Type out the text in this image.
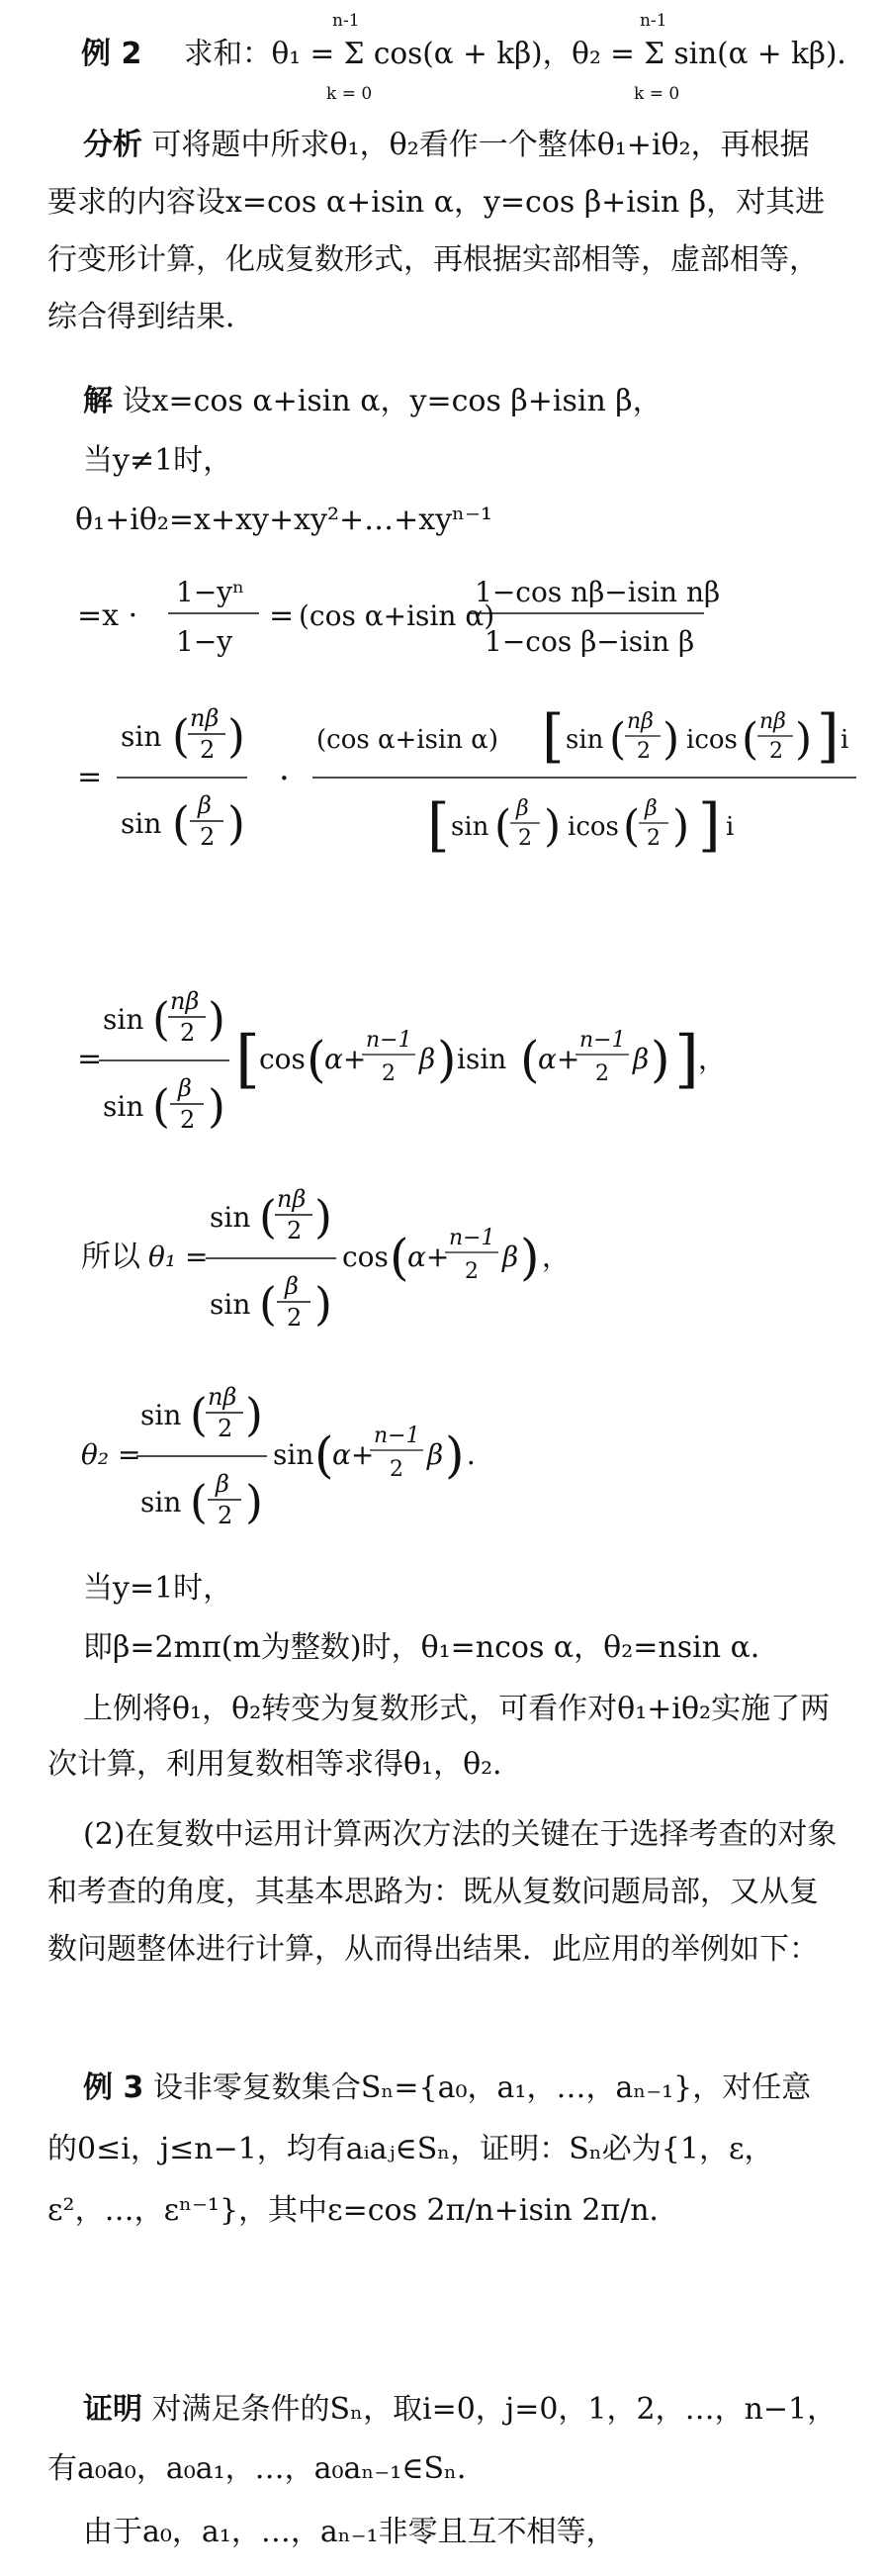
例 2 求和：θ₁ = Σ cos(α + kβ)，θ₂ = Σ sin(α + kβ)．
n-1
k = 0
n-1
k = 0
分析 可将题中所求θ₁，θ₂看作一个整体θ₁+iθ₂，再根据要求的内容设x=cos α+isin α，y=cos β+isin β，对其进行变形计算，化成复数形式，再根据实部相等，虚部相等，综合得到结果．
解 设x=cos α+isin α，y=cos β+isin β，
当y≠1时，
θ₁+iθ₂=x+xy+xy²+…+xyⁿ⁻¹
=x ·
1−yⁿ
1−y
= (cos α+isin α)
1−cos nβ−isin nβ
1−cos β−isin β
=
sin ( nβ
2 )
sin ( β
2 )
·
(cos α+isin α) [ sin ( nβ
2 ) icos ( nβ
2 ) ] i
[ sin ( β
2 ) icos ( β
2 ) ] i
=
sin ( nβ
2 )
sin ( β
2 )
[ cos (
α+
n−1
2 β ) isin (
α+
n−1
2 β ) ] ，
所以 θ₁ =
sin ( nβ
2 )
sin ( β
2 )
cos (
α+
n−1
2 β ) ，
θ₂ =
sin ( nβ
2 )
sin ( β
2 )
sin (
α+
n−1
2 β ) ．
当y=1时，
即β=2mπ(m为整数)时，θ₁=ncos α，θ₂=nsin α．
上例将θ₁，θ₂转变为复数形式，可看作对θ₁+iθ₂实施了两次计算，利用复数相等求得θ₁，θ₂．
(2)在复数中运用计算两次方法的关键在于选择考查的对象和考查的角度，其基本思路为：既从复数问题局部，又从复数问题整体进行计算，从而得出结果．此应用的举例如下：
例 3 设非零复数集合Sₙ={a₀，a₁，…，aₙ₋₁}，对任意的0≤i，j≤n−1，均有aᵢaⱼ∈Sₙ，证明：Sₙ必为{1，ε，ε²，…，εⁿ⁻¹}，其中ε=cos 2π/n+isin 2π/n．
证明 对满足条件的Sₙ，取i=0，j=0，1，2，…，n−1，有a₀a₀，a₀a₁，…，a₀aₙ₋₁∈Sₙ．
由于a₀，a₁，…，aₙ₋₁非零且互不相等，
